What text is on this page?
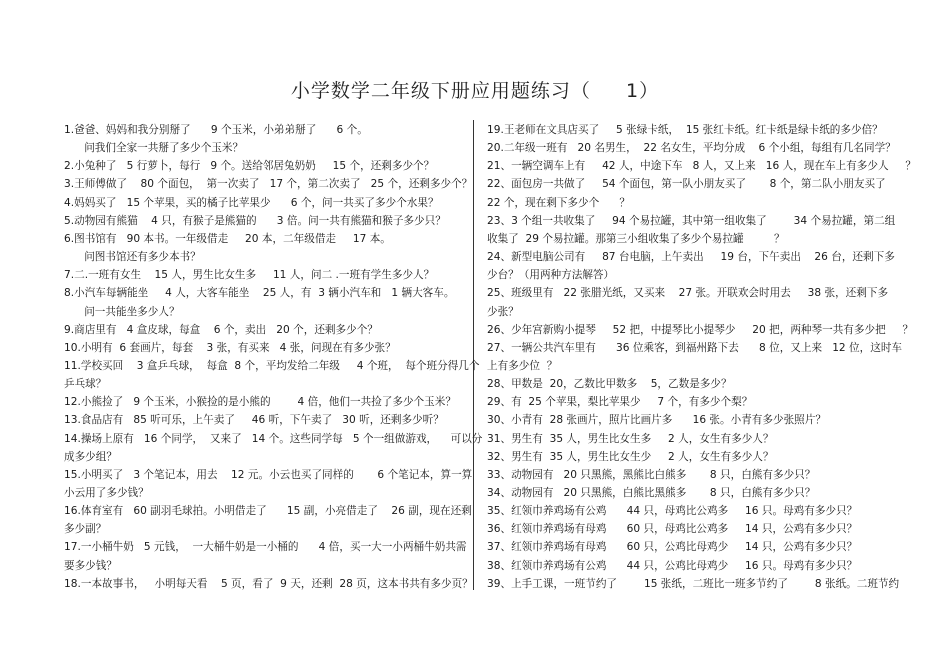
小学数学二年级下册应用题练习（     1）
1.爸爸、妈妈和我分别掰了      9 个玉米，小弟弟掰了      6 个。
问我们全家一共掰了多少个玉米？
2.小兔种了   5 行萝卜，每行   9 个。送给邻居兔奶奶     15 个，还剩多少个？
3.王师傅做了    80 个面包，  第一次卖了   17 个，第二次卖了   25 个，还剩多少个？
4.妈妈买了   15 个苹果，买的橘子比苹果少      6 个，问一共买了多少个水果？
5.动物园有熊猫    4 只，有猴子是熊猫的      3 倍。问一共有熊猫和猴子多少只？
6.图书馆有   90 本书。一年级借走     20 本，二年级借走     17 本。
问图书馆还有多少本书？
7.二.一班有女生    15 人，男生比女生多     11 人，问二 .一班有学生多少人？
8.小汽车每辆能坐     4 人，大客车能坐    25 人，有  3 辆小汽车和   1 辆大客车。
问一共能坐多少人？
9.商店里有   4 盒皮球，每盒    6 个，卖出   20 个，还剩多少个？
10.小明有  6 套画片，每套    3 张，有买来   4 张，问现在有多少张？
11.学校买回    3 盒乒乓球，  每盒  8 个，平均发给二年级     4 个班，  每个班分得几个
乒乓球？
12.小熊捡了   9 个玉米，小猴捡的是小熊的        4 倍，他们一共捡了多少个玉米？
13.食品店有   85 听可乐，上午卖了     46 听，下午卖了   30 听，还剩多少听？
14.操场上原有   16 个同学，  又来了   14 个。这些同学每   5 个一组做游戏，    可以分
成多少组？
15.小明买了   3 个笔记本，用去    12 元。小云也买了同样的       6 个笔记本，算一算
小云用了多少钱？
16.体育室有   60 副羽毛球拍。小明借走了      15 副，小亮借走了    26 副，现在还剩
多少副？
17.一小桶牛奶   5 元钱，  一大桶牛奶是一小桶的      4 倍，买一大一小两桶牛奶共需
要多少钱？
18.一本故事书，   小明每天看    5 页，看了  9 天，还剩  28 页，这本书共有多少页？
19.王老师在文具店买了     5 张绿卡纸，  15 张红卡纸。红卡纸是绿卡纸的多少倍？
20.二年级一班有   20 名男生，  22 名女生，平均分成    6 个小组，每组有几名同学？
21、一辆空调车上有     42 人，中途下车   8 人，又上来   16 人，现在车上有多少人     ？
22、面包房一共做了     54 个面包，第一队小朋友买了       8 个，第二队小朋友买了
22 个，现在剩下多少个      ？
23、3 个组一共收集了     94 个易拉罐，其中第一组收集了        34 个易拉罐，第二组
收集了  29 个易拉罐。那第三小组收集了多少个易拉罐         ？
24、新型电脑公司有     87 台电脑，上午卖出     19 台，下午卖出    26 台，还剩下多
少台？（用两种方法解答）
25、班级里有   22 张腊光纸，又买来    27 张。开联欢会时用去     38 张，还剩下多
少张？
26、少年宫新购小提琴     52 把，中提琴比小提琴少     20 把，两种琴一共有多少把     ？
27、一辆公共汽车里有      36 位乘客，到福州路下去      8 位，又上来   12 位，这时车
上有多少位  ？
28、甲数是  20，乙数比甲数多    5，乙数是多少？
29、有  25 个苹果，梨比苹果少     7 个，有多少个梨？
30、小青有  28 张画片，照片比画片多      16 张。小青有多少张照片？
31、男生有  35 人，男生比女生多     2 人，女生有多少人？
32、男生有  35 人，男生比女生少     2 人，女生有多少人？
33、动物园有   20 只黑熊，黑熊比白熊多       8 只，白熊有多少只？
34、动物园有   20 只黑熊，白熊比黑熊多       8 只，白熊有多少只？
35、红领巾养鸡场有公鸡      44 只，母鸡比公鸡多     16 只。母鸡有多少只？
36、红领巾养鸡场有母鸡      60 只，母鸡比公鸡多     14 只，公鸡有多少只？
37、红领巾养鸡场有母鸡      60 只，公鸡比母鸡少     14 只，公鸡有多少只？
38、红领巾养鸡场有公鸡      44 只，公鸡比母鸡少     16 只。母鸡有多少只？
39、上手工课，一班节约了        15 张纸，二班比一班多节约了        8 张纸。二班节约
